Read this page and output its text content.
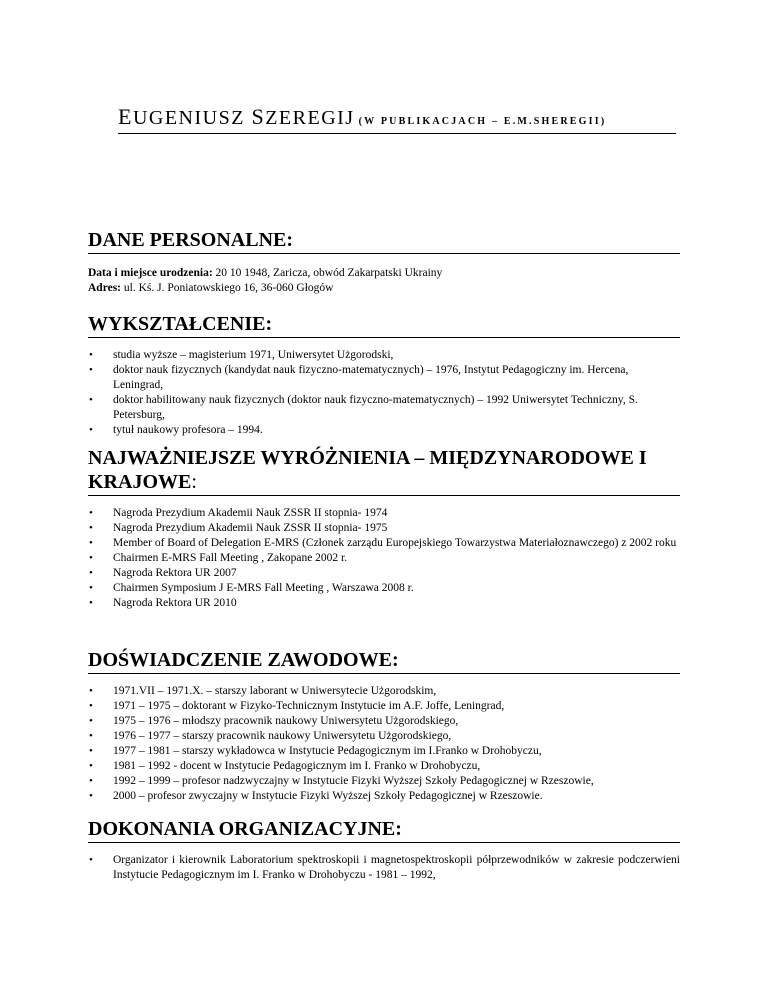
EUGENIUSZ SZEREGIJ (W PUBLIKACJACH – E.M.SHEREGII)
DANE PERSONALNE:
Data i miejsce urodzenia: 20 10 1948, Zaricza, obwód Zakarpatski Ukrainy
Adres: ul. Kś. J. Poniatowskiego 16, 36-060 Głogów
WYKSZTAŁCENIE:
• studia wyższe – magisterium 1971, Uniwersytet Użgorodski,
• doktor nauk fizycznych (kandydat nauk fizyczno-matematycznych) – 1976, Instytut Pedagogiczny im. Hercena, Leningrad,
• doktor habilitowany nauk fizycznych (doktor nauk fizyczno-matematycznych) – 1992 Uniwersytet Techniczny, S. Petersburg,
• tytuł naukowy profesora – 1994.
NAJWAŻNIEJSZE WYRÓŻNIENIA – MIĘDZYNARODOWE I KRAJOWE:
• Nagroda Prezydium Akademii Nauk ZSSR II stopnia- 1974
• Nagroda Prezydium Akademii Nauk ZSSR II stopnia- 1975
• Member of Board of Delegation E-MRS (Członek zarządu Europejskiego Towarzystwa Materiałoznawczego) z 2002 roku
• Chairmen E-MRS Fall Meeting , Zakopane 2002 r.
• Nagroda Rektora UR 2007
• Chairmen Symposium J E-MRS Fall Meeting , Warszawa 2008 r.
• Nagroda Rektora UR 2010
DOŚWIADCZENIE ZAWODOWE:
• 1971.VII – 1971.X. – starszy laborant w Uniwersytecie Użgorodskim,
• 1971 – 1975 – doktorant w Fizyko-Technicznym Instytucie im A.F. Joffe, Leningrad,
• 1975 – 1976 – młodszy pracownik naukowy Uniwersytetu Użgorodskiego,
• 1976 – 1977 – starszy pracownik naukowy Uniwersytetu Użgorodskiego,
• 1977 – 1981 – starszy wykładowca w Instytucie Pedagogicznym im I.Franko w Drohobyczu,
• 1981 – 1992 - docent w Instytucie Pedagogicznym im I. Franko w Drohobyczu,
• 1992 – 1999 – profesor nadzwyczajny w Instytucie Fizyki Wyższej Szkoły Pedagogicznej w Rzeszowie,
• 2000 – profesor zwyczajny w Instytucie Fizyki Wyższej Szkoły Pedagogicznej w Rzeszowie.
DOKONANIA ORGANIZACYJNE:
• Organizator i kierownik Laboratorium spektroskopii i magnetospektroskopii półprzewodników w zakresie podczerwieni Instytucie Pedagogicznym im I. Franko w Drohobyczu - 1981 – 1992,
